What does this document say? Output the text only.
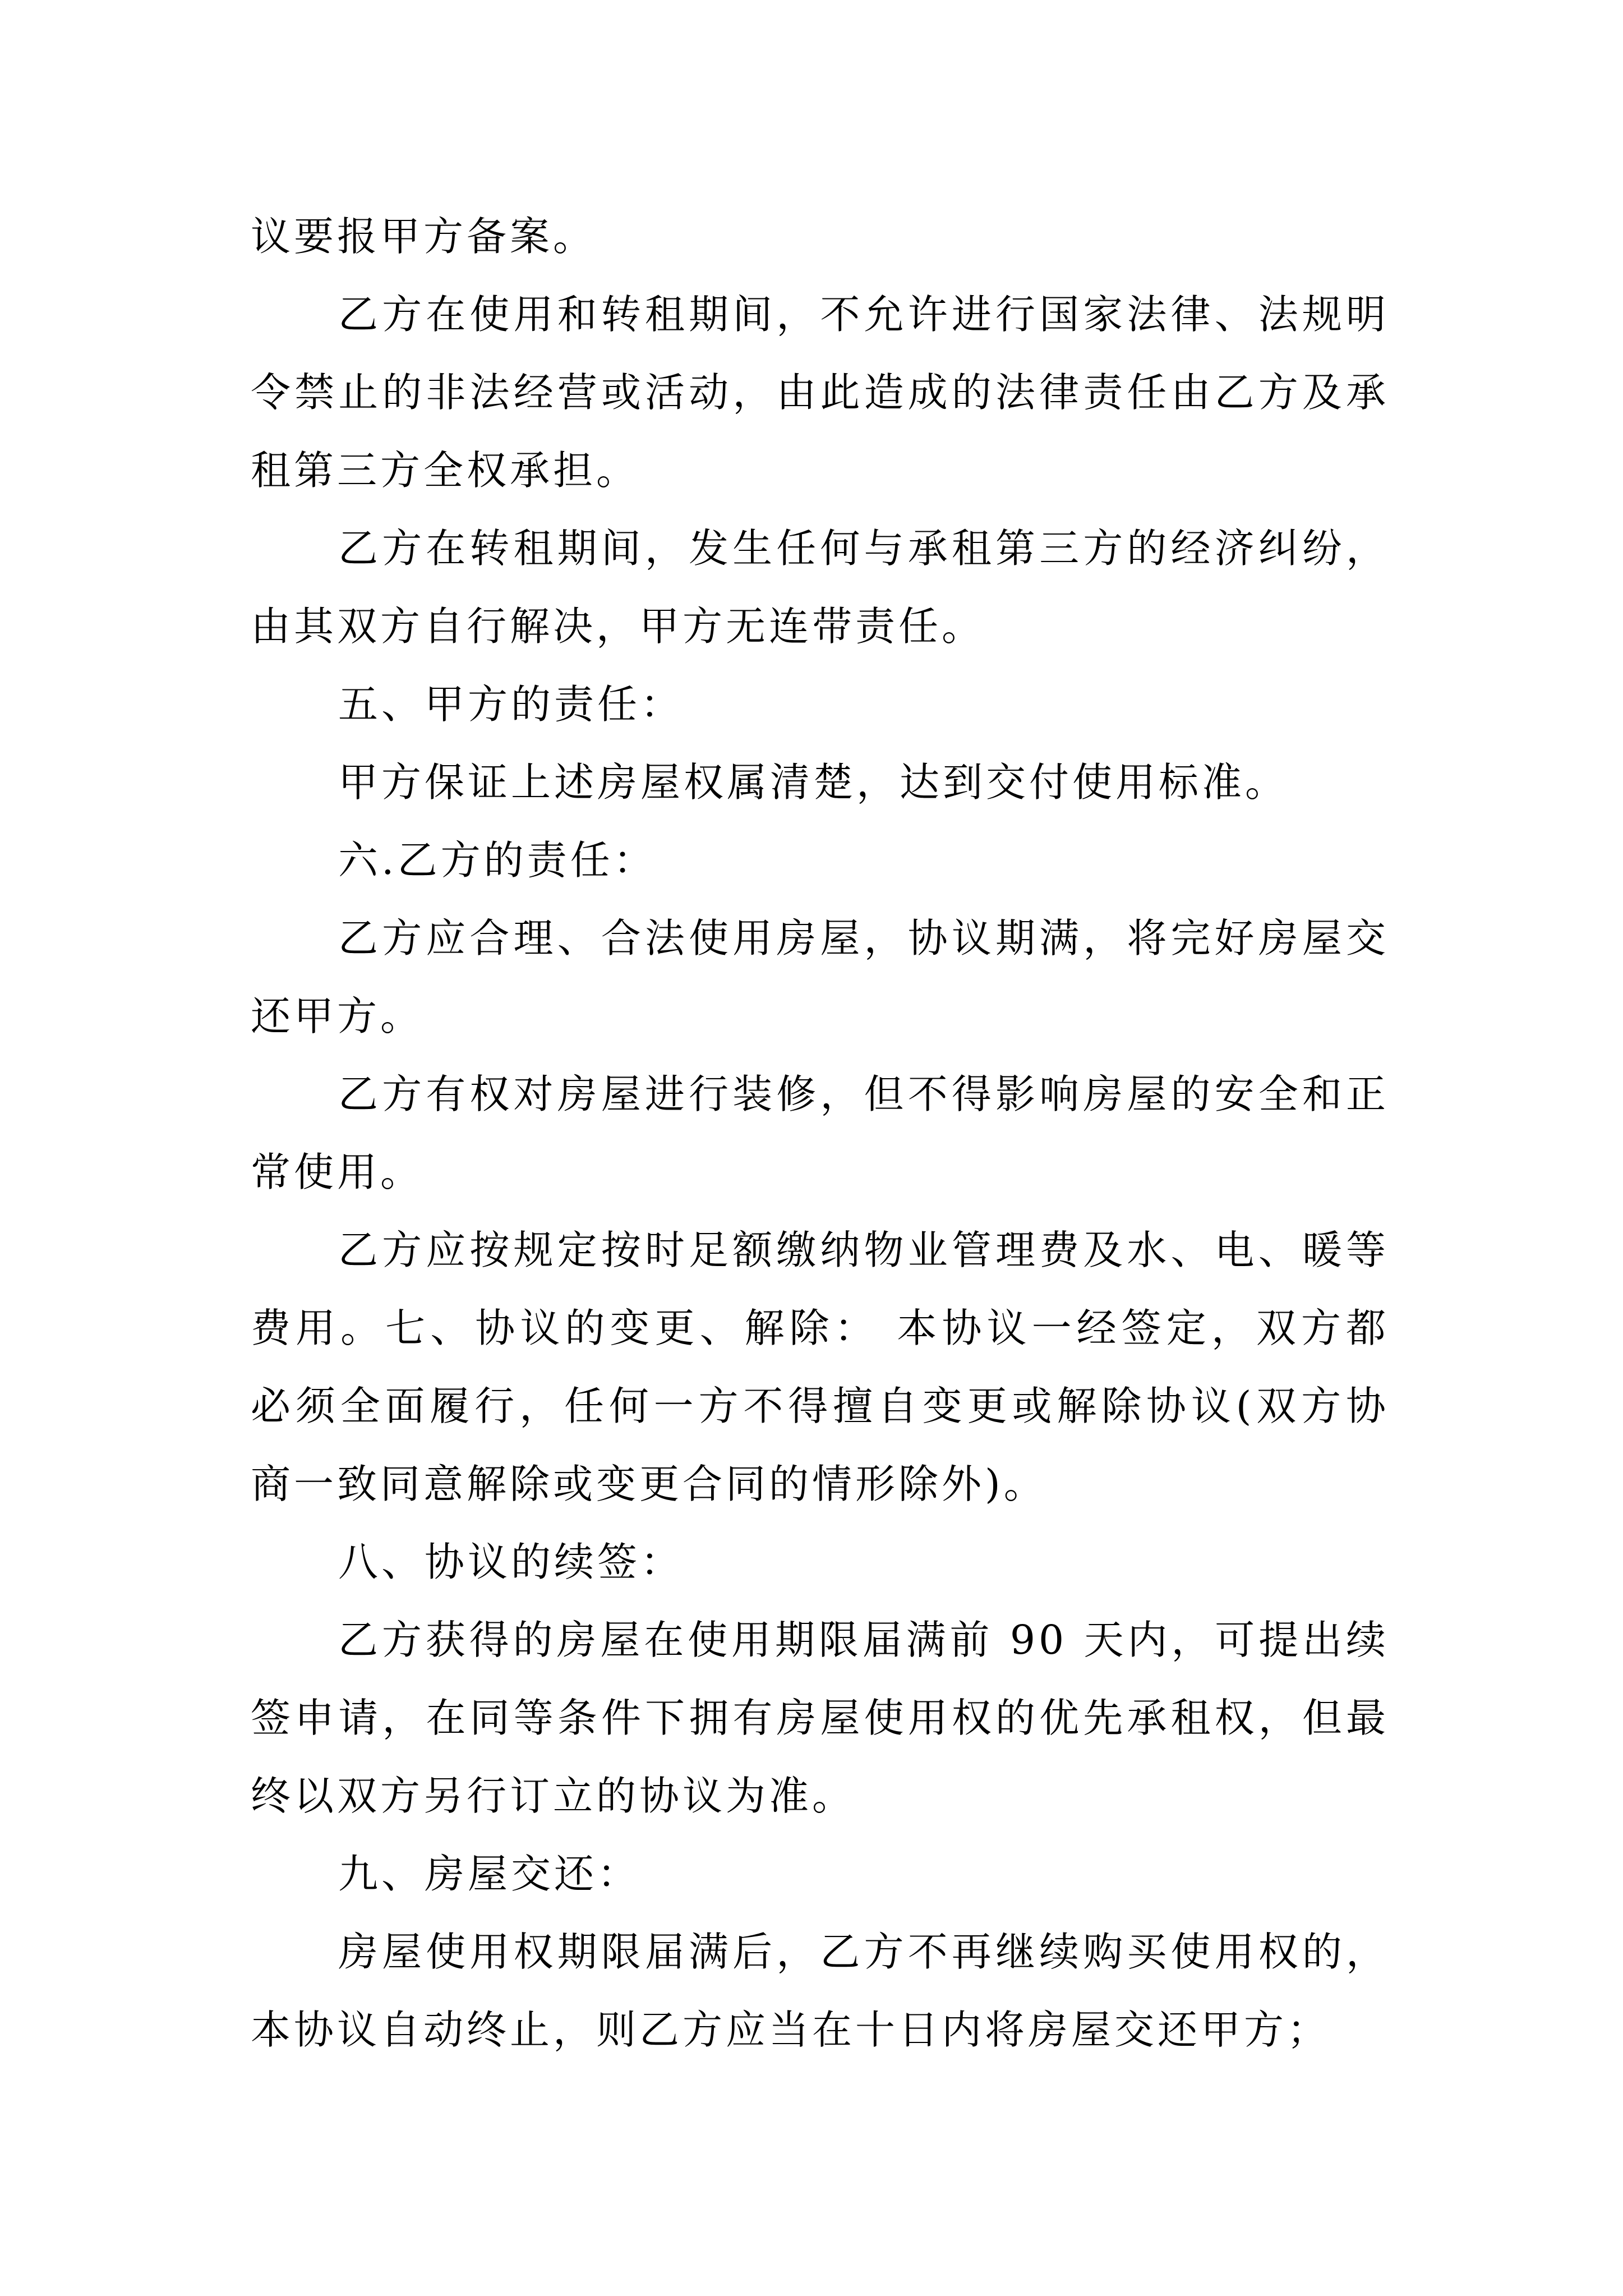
议要报甲方备案。
乙方在使用和转租期间，不允许进行国家法律、法规明
令禁止的非法经营或活动，由此造成的法律责任由乙方及承
租第三方全权承担。
乙方在转租期间，发生任何与承租第三方的经济纠纷，
由其双方自行解决，甲方无连带责任。
五、甲方的责任：
甲方保证上述房屋权属清楚，达到交付使用标准。
六.乙方的责任：
乙方应合理、合法使用房屋，协议期满，将完好房屋交
还甲方。
乙方有权对房屋进行装修，但不得影响房屋的安全和正
常使用。
乙方应按规定按时足额缴纳物业管理费及水、电、暖等
费用。七、协议的变更、解除： 本协议一经签定，双方都
必须全面履行，任何一方不得擅自变更或解除协议(双方协
商一致同意解除或变更合同的情形除外)。
八、协议的续签：
乙方获得的房屋在使用期限届满前 90 天内，可提出续
签申请，在同等条件下拥有房屋使用权的优先承租权，但最
终以双方另行订立的协议为准。
九、房屋交还：
房屋使用权期限届满后，乙方不再继续购买使用权的，
本协议自动终止，则乙方应当在十日内将房屋交还甲方；
